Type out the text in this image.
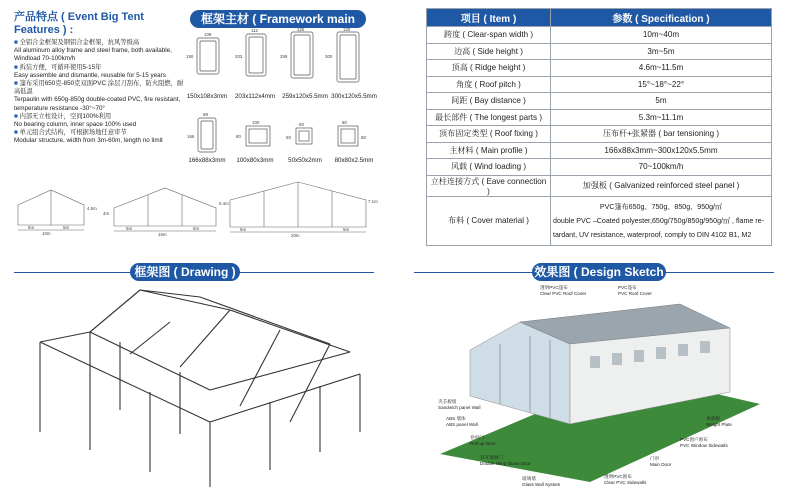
产品特点 ( Event Big Tent Features ) :
■ 全铝合金框架及钢铝合金框架，抗风等级高
All aluminum alloy frame and steel frame, both available,
Windload 70-100km/h
■ 拆装方便，可循环使用5-15年
Easy assemble and dismantle, reusable for 5-15 years
■ 篷布采用650克-850克双面PVC 涂层刀刮布，防火阻燃，耐
高低温
Terpaulin with 650g-850g double-coated PVC, fire resistant,
temperature resistance -30°~70°
■ 内部无立柱设计，空间100%利用
No bearing column, inner space 100% used
■ 单元组合式结构，可根据场地任意审节
Modular structure, width from 3m-60m, length no limit
框架主材 ( Framework main profile )
108
150
112
203
120
259
120
300
88
166
100
80
50
50
80
80
150x108x3mm	203x112x4mm	259x120x5.5mm 300x120x5.5mm
166x88x3mm	100x80x3mm	50x50x2mm	80x80x2.5mm
10m
5m	5m
4.6m
15m
5m	5m
4m
6.4m
20m
5m	5m
7.1m
项目 ( Item )	参数 ( Specification )
跨度 ( Clear-span width )	10m~40m
边高 ( Side height )	3m~5m
顶高 ( Ridge height )	4.6m~11.5m
角度 ( Roof pitch )	15°~18°~22°
间距 ( Bay distance )	5m
最长部件 ( The longest parts )	5.3m~11.1m
顶布固定类型 ( Roof fixing )	压布杆+张紧器 ( bar tensioning )
主材料 ( Main profile )	166x88x3mm~300x120x5.5mm
风载 ( Wind loading )	70~100km/h
立柱连接方式 ( Eave connection )	加强板 ( Galvanized reinforced steel panel )
布料 ( Cover material )	PVC篷布650g、750g、850g、950g/㎡
double PVC –Coated polyester,650g/750g/850g/950g/㎡ , flame re-
tardant, UV resistance, waterproof, comply to DIN 4102 B1, M2
框架图 ( Drawing )	效果图 ( Design Sketch )
透明PVC篷布
Clear PVC Roof Cover
PVC篷布
PVC Roof Cover
夹芯板墙
Sandwich panel Wall
ABS 墙体
ABS panel Wall
卷帘门
Roll-up Door
双开玻璃门
Double Wing Glass Door
玻璃墙
Glass Wall System
透明PVC围布
Clear PVC Sidewalls
门帘
Main Door
PVC窗户围布
PVC Window Sidewalls
承重板
Weight Plate
